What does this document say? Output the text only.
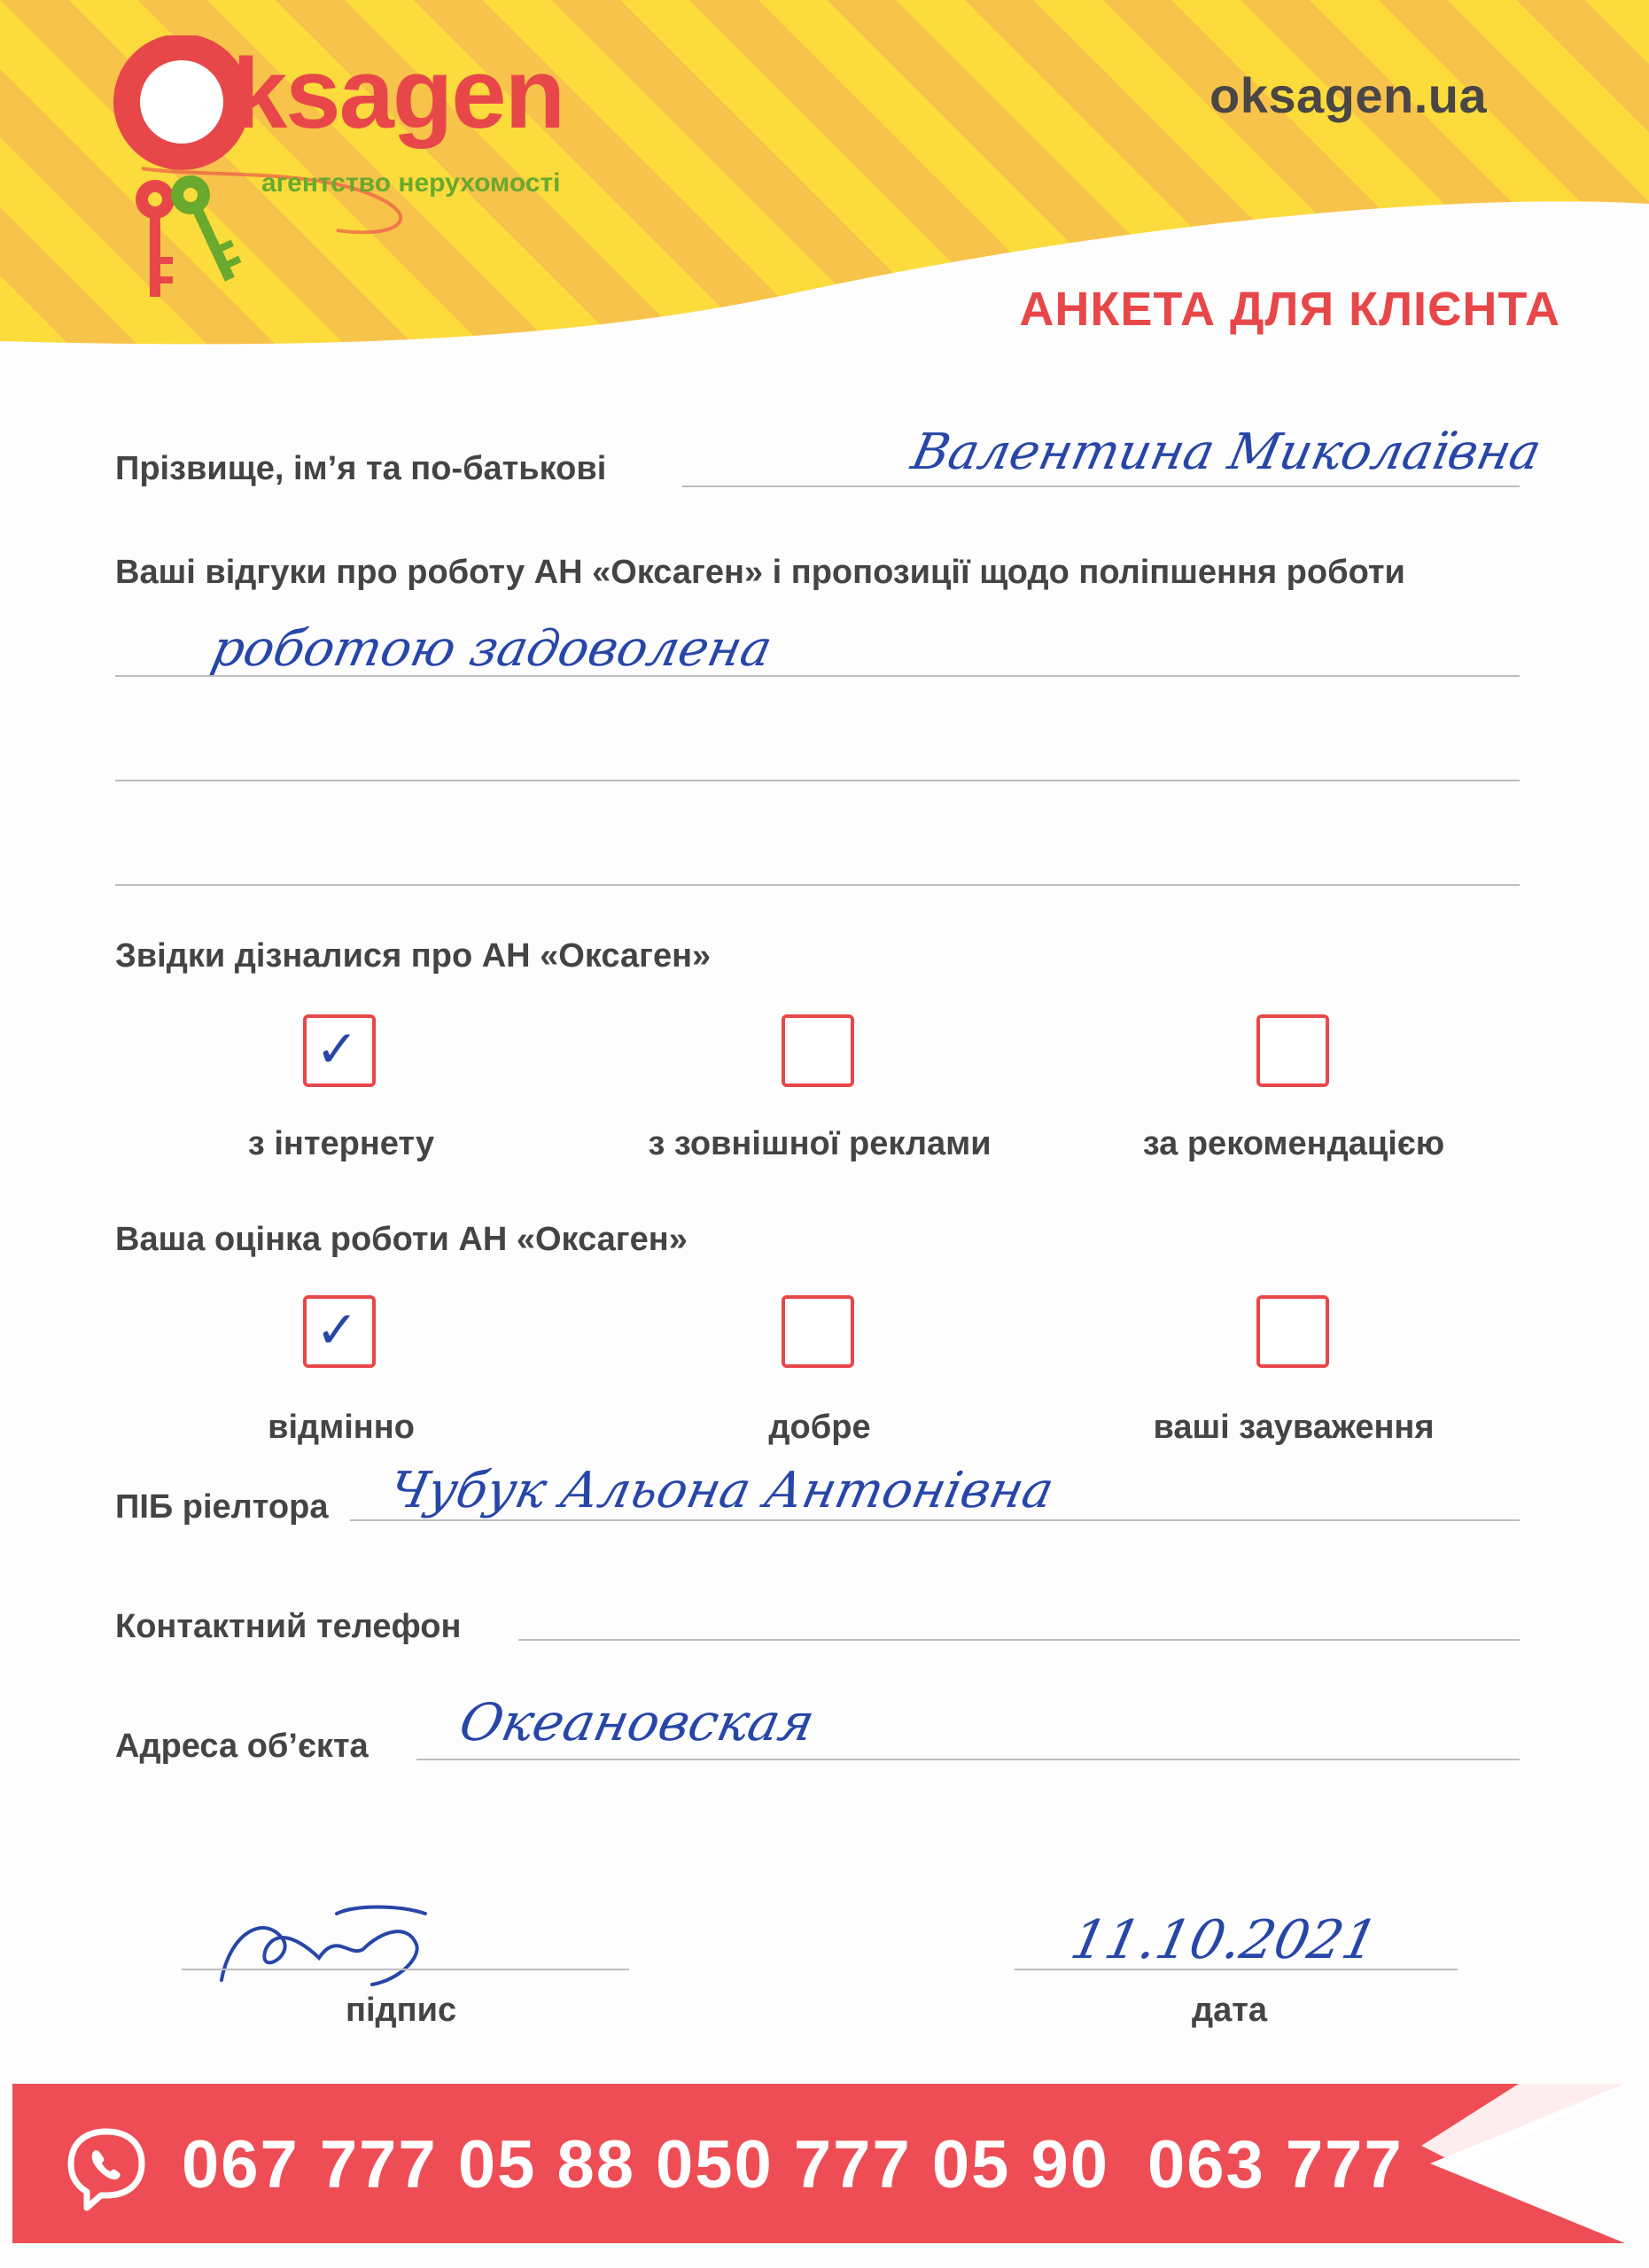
ksagen
агентство нерухомості
oksagen.ua
АНКЕТА ДЛЯ КЛІЄНТА
Прізвище, ім’я та по-батькові	Валентина Миколаївна
Ваші відгуки про роботу АН «Оксаген» і пропозиції щодо поліпшення роботи
роботою задоволена
Звідки дізналися про АН «Оксаген»
✓
з інтернету	з зовнішної реклами	за рекомендацією
Ваша оцінка роботи АН «Оксаген»
✓
відмінно	добре	ваші зауваження
ПІБ ріелтора Чубук Альона Антонівна
Контактний телефон
Адреса об’єкта Океановская
підпис
11.10.2021
дата
067 777 05 88 050 777 05 90 063 777
